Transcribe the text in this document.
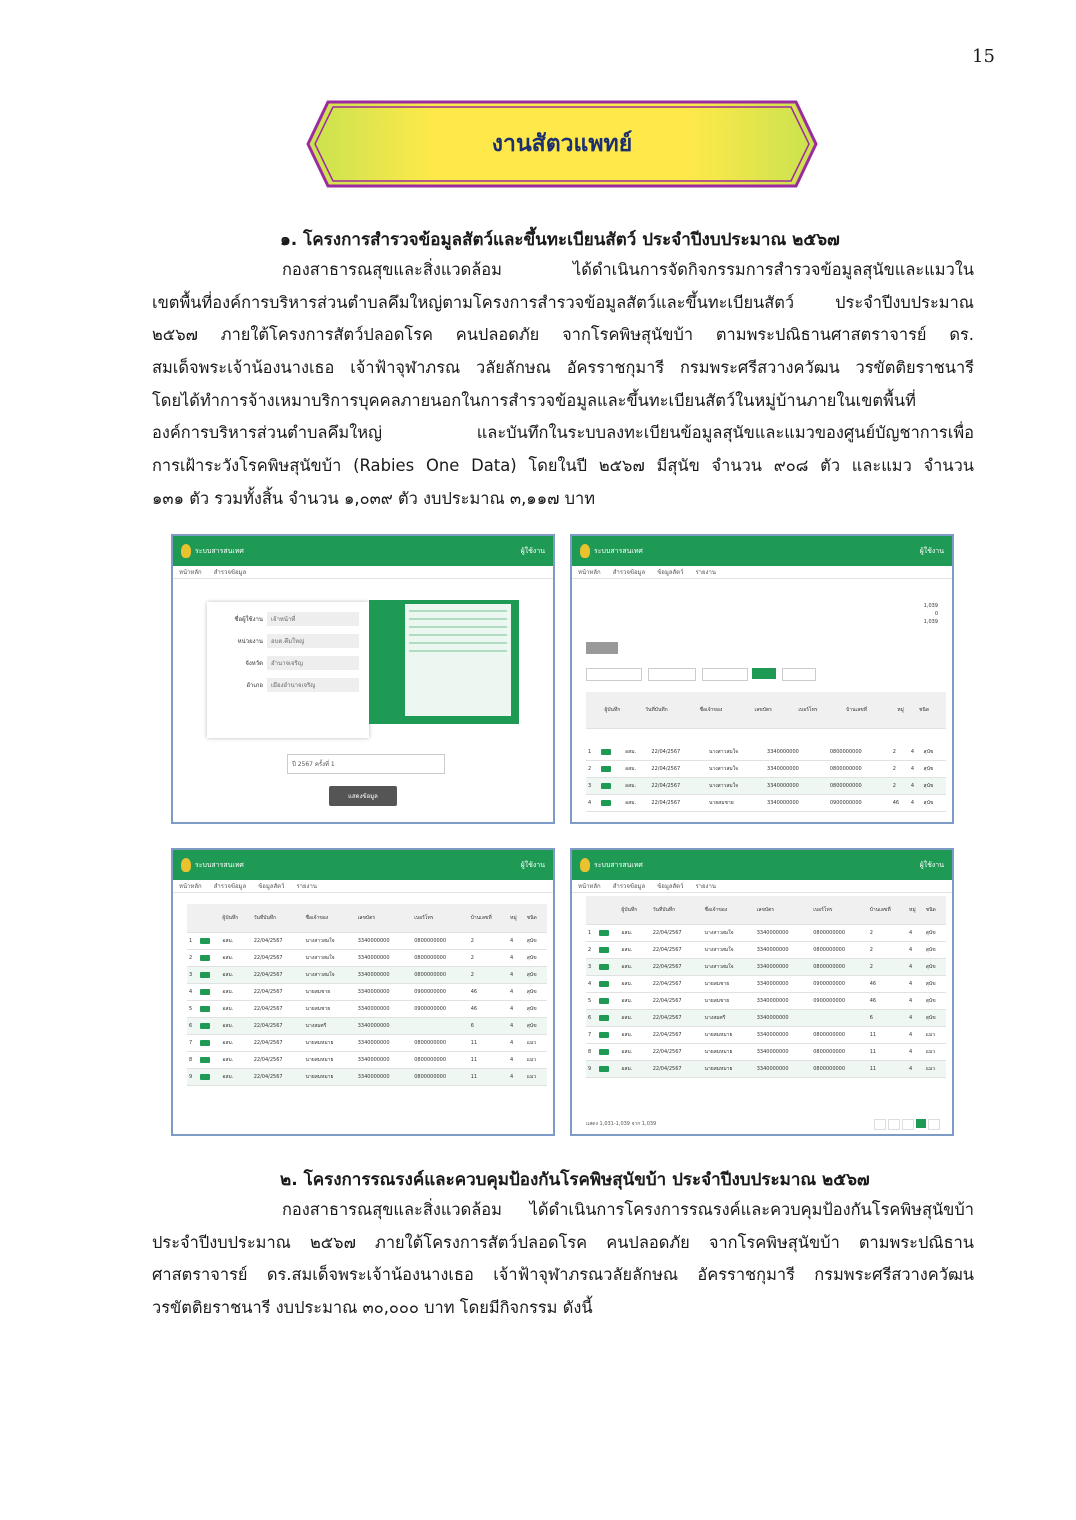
15
งานสัตวแพทย์
๑. โครงการสำรวจข้อมูลสัตว์และขึ้นทะเบียนสัตว์ ประจำปีงบประมาณ ๒๕๖๗
กองสาธารณสุขและสิ่งแวดล้อม ได้ดำเนินการจัดกิจกรรมการสำรวจข้อมูลสุนัขและแมวใน
เขตพื้นที่องค์การบริหารส่วนตำบลคึมใหญ่ตามโครงการสำรวจข้อมูลสัตว์และขึ้นทะเบียนสัตว์ ประจำปีงบประมาณ
๒๕๖๗ ภายใต้โครงการสัตว์ปลอดโรค คนปลอดภัย จากโรคพิษสุนัขบ้า ตามพระปณิธานศาสตราจารย์ ดร.
สมเด็จพระเจ้าน้องนางเธอ เจ้าฟ้าจุฬาภรณ วลัยลักษณ อัครราชกุมารี กรมพระศรีสวางควัฒน วรขัตติยราชนารี
โดยได้ทำการจ้างเหมาบริการบุคคลภายนอกในการสำรวจข้อมูลและขึ้นทะเบียนสัตว์ในหมู่บ้านภายในเขตพื้นที่
องค์การบริหารส่วนตำบลคึมใหญ่ และบันทึกในระบบลงทะเบียนข้อมูลสุนัขและแมวของศูนย์บัญชาการเพื่อ
การเฝ้าระวังโรคพิษสุนัขบ้า (Rabies One Data) โดยในปี ๒๕๖๗ มีสุนัข จำนวน ๙๐๘ ตัว และแมว จำนวน
๑๓๑ ตัว รวมทั้งสิ้น จำนวน ๑,๐๓๙ ตัว งบประมาณ ๓,๑๑๗ บาท
ระบบสารสนเทศ	ผู้ใช้งาน
หน้าหลัก สำรวจข้อมูล
ชื่อผู้ใช้งาน	เจ้าหน้าที่
หน่วยงาน	อบต.คึมใหญ่
จังหวัด	อำนาจเจริญ
อำเภอ	เมืองอำนาจเจริญ
ปี 2567 ครั้งที่ 1
แสดงข้อมูล
ระบบสารสนเทศ	ผู้ใช้งาน
หน้าหลัก สำรวจข้อมูล ข้อมูลสัตว์ รายงาน
1,039
0
1,039
		ผู้บันทึก	วันที่บันทึก	ชื่อเจ้าของ	เลขบัตร	เบอร์โทร	บ้านเลขที่	หมู่	ชนิด
1		อสม.	22/04/2567	นางสาวสมใจ	3340000000	0800000000	2	4	สุนัข
2		อสม.	22/04/2567	นางสาวสมใจ	3340000000	0800000000	2	4	สุนัข
3		อสม.	22/04/2567	นางสาวสมใจ	3340000000	0800000000	2	4	สุนัข
4		อสม.	22/04/2567	นายสมชาย	3340000000	0900000000	46	4	สุนัข
ระบบสารสนเทศ	ผู้ใช้งาน
หน้าหลัก สำรวจข้อมูล ข้อมูลสัตว์ รายงาน
		ผู้บันทึก	วันที่บันทึก	ชื่อเจ้าของ	เลขบัตร	เบอร์โทร	บ้านเลขที่	หมู่	ชนิด
1		อสม.	22/04/2567	นางสาวสมใจ	3340000000	0800000000	2	4	สุนัข
2		อสม.	22/04/2567	นางสาวสมใจ	3340000000	0800000000	2	4	สุนัข
3		อสม.	22/04/2567	นางสาวสมใจ	3340000000	0800000000	2	4	สุนัข
4		อสม.	22/04/2567	นายสมชาย	3340000000	0900000000	46	4	สุนัข
5		อสม.	22/04/2567	นายสมชาย	3340000000	0900000000	46	4	สุนัข
6		อสม.	22/04/2567	นางสมศรี	3340000000		6	4	สุนัข
7		อสม.	22/04/2567	นายสมหมาย	3340000000	0800000000	11	4	แมว
8		อสม.	22/04/2567	นายสมหมาย	3340000000	0800000000	11	4	แมว
9		อสม.	22/04/2567	นายสมหมาย	3340000000	0800000000	11	4	แมว
ระบบสารสนเทศ	ผู้ใช้งาน
หน้าหลัก สำรวจข้อมูล ข้อมูลสัตว์ รายงาน
		ผู้บันทึก	วันที่บันทึก	ชื่อเจ้าของ	เลขบัตร	เบอร์โทร	บ้านเลขที่	หมู่	ชนิด
1		อสม.	22/04/2567	นางสาวสมใจ	3340000000	0800000000	2	4	สุนัข
2		อสม.	22/04/2567	นางสาวสมใจ	3340000000	0800000000	2	4	สุนัข
3		อสม.	22/04/2567	นางสาวสมใจ	3340000000	0800000000	2	4	สุนัข
4		อสม.	22/04/2567	นายสมชาย	3340000000	0900000000	46	4	สุนัข
5		อสม.	22/04/2567	นายสมชาย	3340000000	0900000000	46	4	สุนัข
6		อสม.	22/04/2567	นางสมศรี	3340000000		6	4	สุนัข
7		อสม.	22/04/2567	นายสมหมาย	3340000000	0800000000	11	4	แมว
8		อสม.	22/04/2567	นายสมหมาย	3340000000	0800000000	11	4	แมว
9		อสม.	22/04/2567	นายสมหมาย	3340000000	0800000000	11	4	แมว
แสดง 1,031-1,039 จาก 1,039
๒. โครงการรณรงค์และควบคุมป้องกันโรคพิษสุนัขบ้า ประจำปีงบประมาณ ๒๕๖๗
กองสาธารณสุขและสิ่งแวดล้อม ได้ดำเนินการโครงการรณรงค์และควบคุมป้องกันโรคพิษสุนัขบ้า
ประจำปีงบประมาณ ๒๕๖๗ ภายใต้โครงการสัตว์ปลอดโรค คนปลอดภัย จากโรคพิษสุนัขบ้า ตามพระปณิธาน
ศาสตราจารย์ ดร.สมเด็จพระเจ้าน้องนางเธอ เจ้าฟ้าจุฬาภรณวลัยลักษณ อัครราชกุมารี กรมพระศรีสวางควัฒน
วรขัตติยราชนารี งบประมาณ ๓๐,๐๐๐ บาท โดยมีกิจกรรม ดังนี้
